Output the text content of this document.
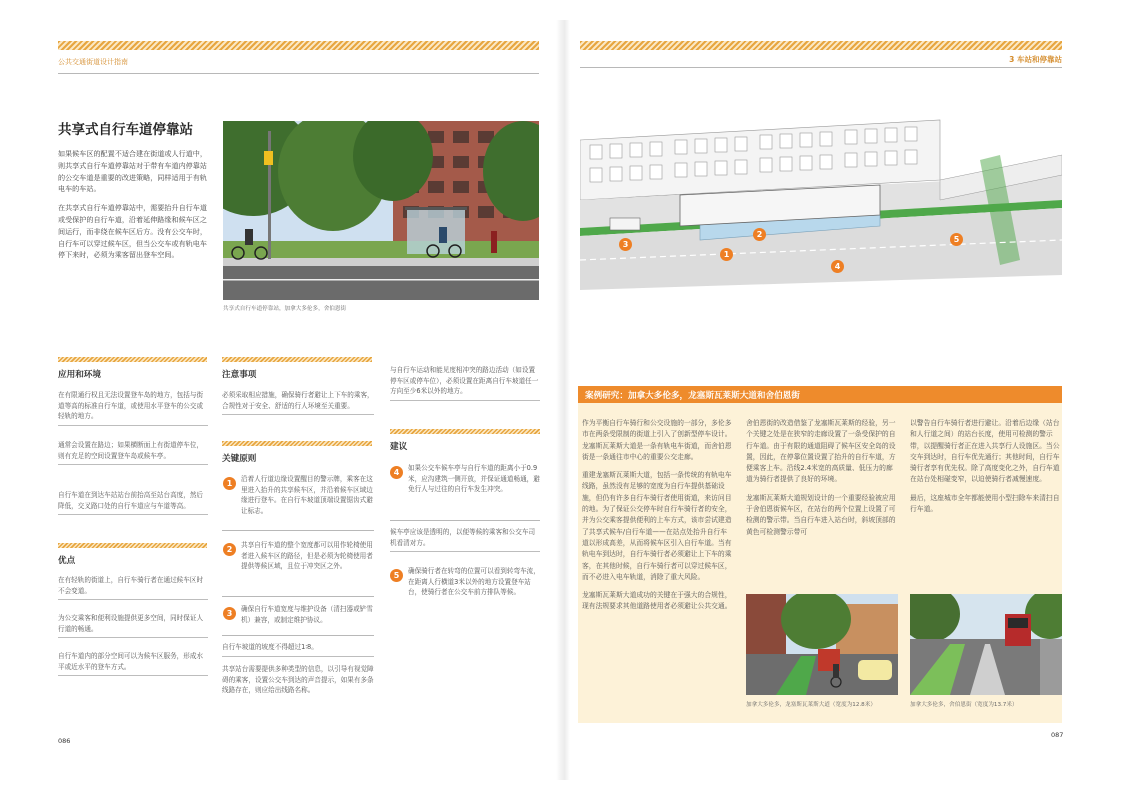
公共交通街道设计指南
共享式自行车道停靠站

如果候车区的配置不适合建在街道或人行道中，则共享式自行车道停靠站对于带有车道内停靠站的公交车道是重要的改进策略，同样适用于有轨电车的车站。

在共享式自行车道停靠站中，需要抬升自行车道或受保护的自行车道，沿着延伸路缘和候车区之间运行，而非绕在候车区后方。没有公交车时，自行车可以穿过候车区，但当公交车或有轨电车停下来时，必须为乘客留出登车空间。

共享式自行车道停靠站，加拿大多伦多，舍伯恩街
应用和环境
在有限通行权且无法设置登车岛的地方，包括与街道等高的标准自行车道，或使用水平登车的公交或轻轨的地方。
通常会设置在路边；如果横断面上有街道停车位，则有充足的空间设置登车岛或候车亭。
自行车道在到达车站站台前抬高至站台高度，然后降低，交叉路口处的自行车道应与车道等高。
优点
在有轻轨的街道上，自行车骑行者在通过候车区时不会变道。
为公交乘客和便利设施提供更多空间，同时保证人行道的畅通。
自行车道内的部分空间可以为候车区服务，形成水平或近水平的登车方式。
注意事项
必须采取相应措施，确保骑行者避让上下车的乘客，合规性对于安全、舒适的行人环境至关重要。
关键原则
1	沿着人行道边缘设置醒目的警示牌，乘客在这里进入抬升的共享候车区，并沿着候车区域边缘进行登车。在自行车坡道顶端设置锯齿式避让标志。
2	共享自行车道的整个宽度都可以用作轮椅使用者进入候车区的路径，但是必须为轮椅使用者提供等候区域，且位于冲突区之外。
3	确保自行车道宽度与维护设备（清扫器或铲雪机）兼容，或制定维护协议。
自行车坡道的坡度不得超过1∶8。
共享站台需要提供多种类型的信息，以引导有视觉障碍的乘客，设置公交车到达的声音提示，如果有多条线路存在，则应给出线路名称。
与自行车运动和能见度相冲突的路边活动（如设置停车区或停车位），必须设置在距离自行车坡道任一方向至少6米以外的地方。
建议
4	如果公交车候车亭与自行车道的距离小于0.9米，应沟建筑一侧开放，并保证通道畅通，避免行人与过往的自行车发生冲突。
候车亭应该是透明的，以便等候的乘客和公交车司机看清对方。
5	确保骑行者在转弯的位置可以看到转弯车流，在距离人行横道3米以外的地方设置登车站台，使骑行者在公交车前方排队等候。
086
3 车站和停靠站
3
1
2
4
5
案例研究：加拿大多伦多，龙塞斯瓦莱斯大道和舍伯恩街

作为平衡自行车骑行和公交设施的一部分，多伦多市在两条受限制的街道上引入了创新型停车设计。龙塞斯瓦莱斯大道是一条有轨电车街道，而舍伯恩街是一条通往市中心的重要公交走廊。

重建龙塞斯瓦莱斯大道，包括一条传统的有轨电车线路，虽然没有足够的宽度为自行车提供基础设施，但仍有许多自行车骑行者使用街道，来访问目的地。为了保证公交停车时自行车骑行者的安全，并为公交乘客提供便利的上车方式，该市尝试建造了共享式候车/自行车道——在站点处抬升自行车道以形成高差，从而将候车区引入自行车道。当有轨电车到达时，自行车骑行者必须避让上下车的乘客，在其他时候，自行车骑行者可以穿过候车区，而不必进入电车轨道，消除了重大风险。

龙塞斯瓦莱斯大道成功的关键在于强大的合规性，现有法规要求其他道路使用者必须避让公共交通。

舍伯恩街的改造借鉴了龙塞斯瓦莱斯的经验，另一个关键之处是在狭窄的走廊设置了一条受保护的自行车道。由于有限的通道阻碍了候车区安全岛的设置，因此，在停靠位置设置了抬升的自行车道，方便乘客上车。沿线2.4米宽的高质量、低压力的廊道为骑行者提供了良好的环境。

龙塞斯瓦莱斯大道规划设计的一个重要经验被应用于舍伯恩街候车区，在站台的两个位置上设置了可检测的警示带。当自行车进入站台时，斜坡顶部的黄色可检测警示带可

以警告自行车骑行者进行避让。沿着后边缘（站台和人行道之间）的站台长度，使用可检测的警示带，以提醒骑行者正在进入共享行人设施区。当公交车到达时，自行车优先通行；其他时间，自行车骑行者享有优先权。除了高度变化之外，自行车道在站台处相碰变窄，以迫使骑行者减慢速度。

最后，这座城市全年都能使用小型扫除车来清扫自行车道。

加拿大多伦多，龙塞斯瓦莱斯大道（宽度为12.8米）	加拿大多伦多，舍伯恩街（宽度为13.7米）
087
